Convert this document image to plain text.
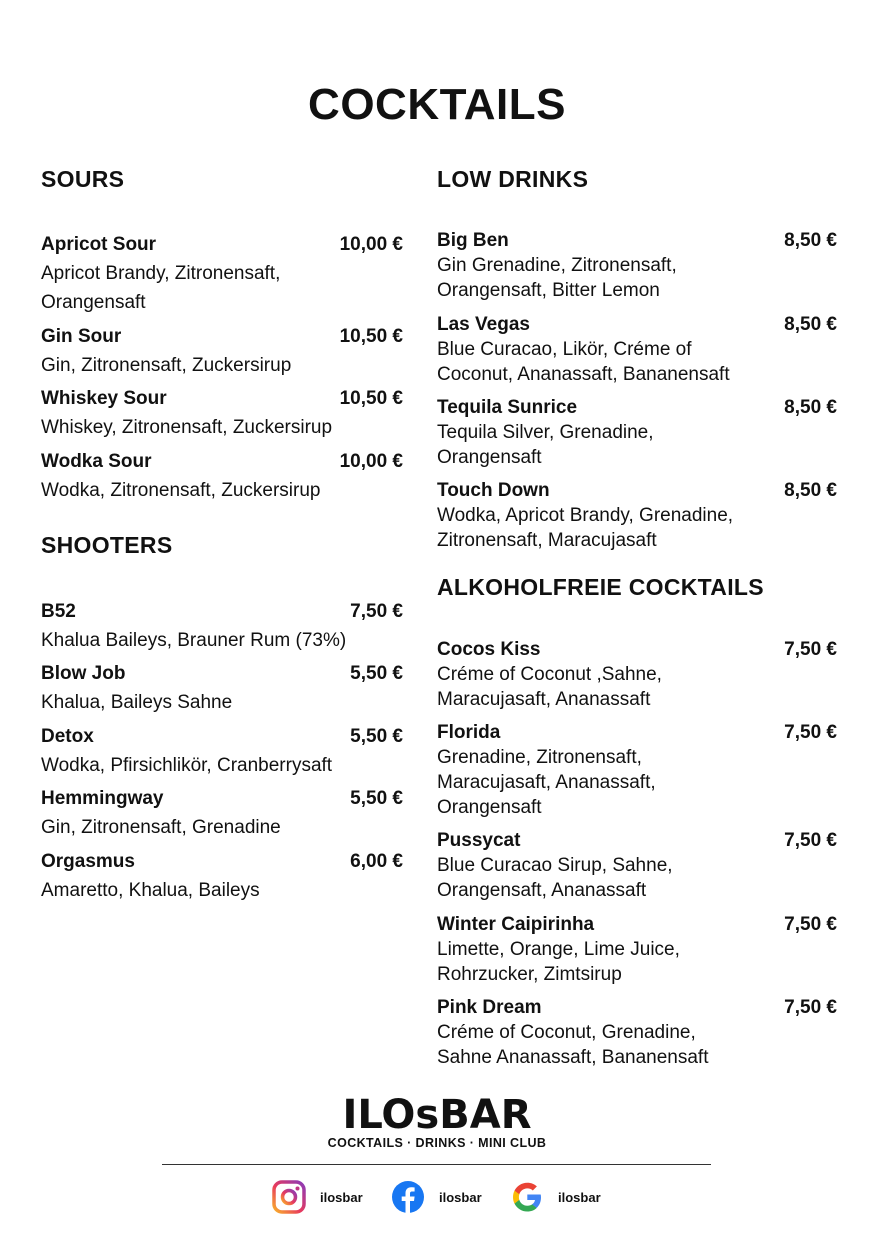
COCKTAILS
SOURS
Apricot Sour	10,00 €
Apricot Brandy, Zitronensaft, Orangensaft
Gin Sour	10,50 €
Gin, Zitronensaft, Zuckersirup
Whiskey Sour	10,50 €
Whiskey, Zitronensaft, Zuckersirup
Wodka Sour	10,00 €
Wodka, Zitronensaft, Zuckersirup
SHOOTERS
B52	7,50 €
Khalua Baileys, Brauner Rum (73%)
Blow Job	5,50 €
Khalua, Baileys Sahne
Detox	5,50 €
Wodka, Pfirsichlikör, Cranberrysaft
Hemmingway	5,50 €
Gin, Zitronensaft, Grenadine
Orgasmus	6,00 €
Amaretto, Khalua, Baileys
LOW DRINKS
Big Ben	8,50 €
Gin Grenadine, Zitronensaft, Orangensaft, Bitter Lemon
Las Vegas	8,50 €
Blue Curacao, Likör, Créme of Coconut, Ananassaft, Bananensaft
Tequila Sunrice	8,50 €
Tequila Silver, Grenadine, Orangensaft
Touch Down	8,50 €
Wodka, Apricot Brandy, Grenadine, Zitronensaft, Maracujasaft
ALKOHOLFREIE COCKTAILS
Cocos Kiss	7,50 €
Créme of Coconut ,Sahne, Maracujasaft, Ananassaft
Florida	7,50 €
Grenadine, Zitronensaft, Maracujasaft, Ananassaft, Orangensaft
Pussycat	7,50 €
Blue Curacao Sirup, Sahne, Orangensaft, Ananassaft
Winter Caipirinha	7,50 €
Limette, Orange, Lime Juice, Rohrzucker, Zimtsirup
Pink Dream	7,50 €
Créme of Coconut, Grenadine, Sahne Ananassaft, Bananensaft
ILOsBAR
COCKTAILS · DRINKS · MINI CLUB
ilosbar	ilosbar	ilosbar
